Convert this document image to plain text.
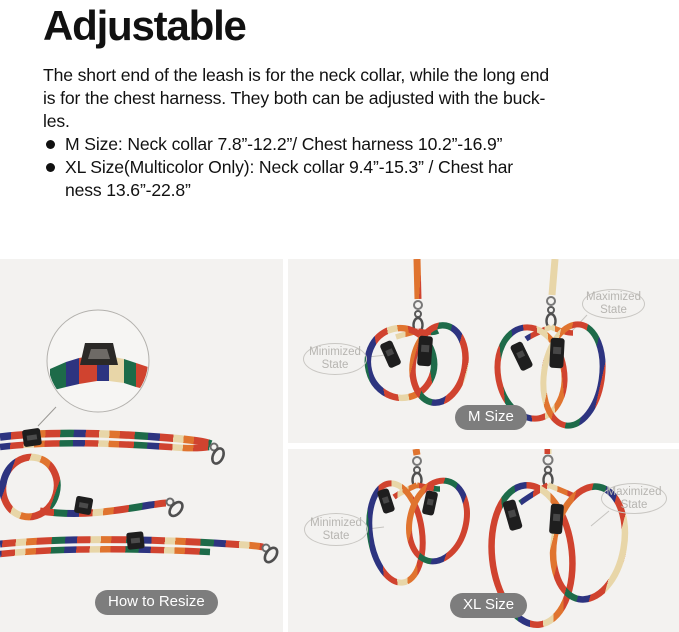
Adjustable
The short end of the leash is for the neck collar, while the long end
is for the chest harness. They both can be adjusted with the buck-
les.
M Size: Neck collar 7.8”-12.2”/ Chest harness 10.2”-16.9”
XL Size(Multicolor Only): Neck collar 9.4”-15.3” / Chest har
ness 13.6”-22.8”
How to Resize
Minimized
State
Maximized
State
M Size
Minimized
State
Maximized
State
XL Size
